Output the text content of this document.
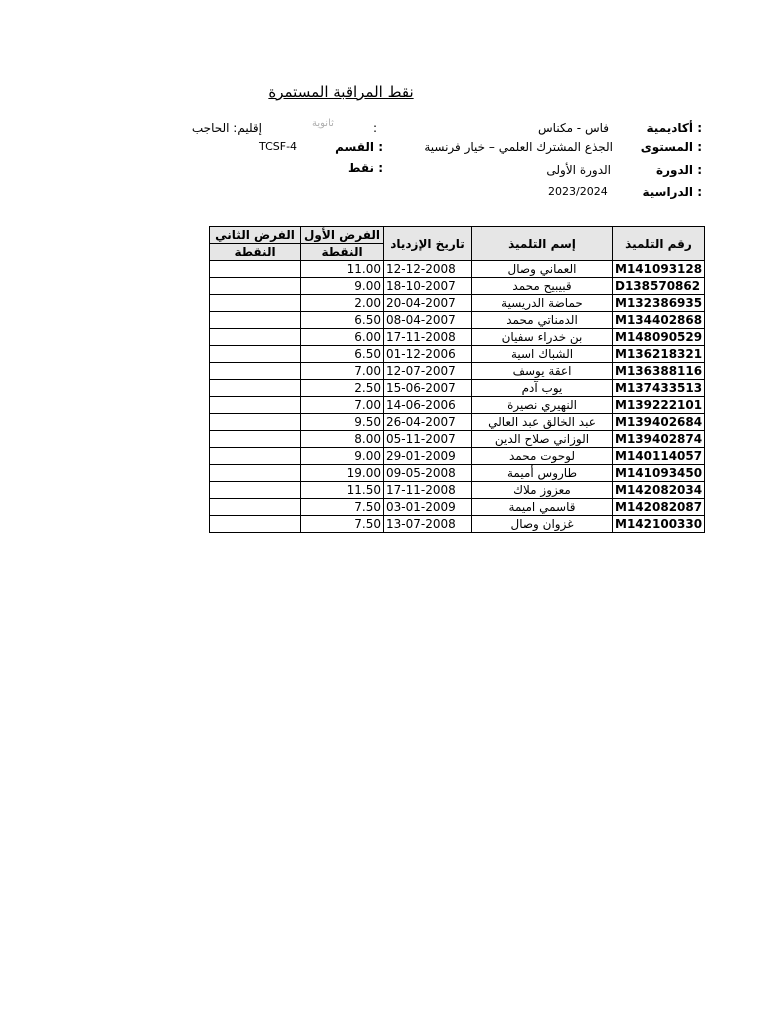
نقط المراقبة المستمرة
: أكاديمية
فاس - مكناس
:
ثانوية
إقليم: الحاجب
: المستوى
الجذع المشترك العلمي – خيار فرنسية
: القسم
TCSF-4
: الدورة
الدورة الأولى
: نقط
: الدراسية
2023/2024
الفرض الثاني	الفرض الأول	تاريخ الإزدياد	إسم التلميذ	رقم التلميذ
النقطة	النقطة			
	11.00	12-12-2008	العماني وصال	M141093128
	9.00	18-10-2007	قبيبيح محمد	D138570862
	2.00	20-04-2007	حماضة الدريسية	M132386935
	6.50	08-04-2007	الدمناتي محمد	M134402868
	6.00	17-11-2008	بن خدراء سفيان	M148090529
	6.50	01-12-2006	الشباك اسية	M136218321
	7.00	12-07-2007	اعقة يوسف	M136388116
	2.50	15-06-2007	يوب آدم	M137433513
	7.00	14-06-2006	النهيري نصيرة	M139222101
	9.50	26-04-2007	عبد الخالق عبد العالي	M139402684
	8.00	05-11-2007	الوزاني صلاح الدين	M139402874
	9.00	29-01-2009	لوحوت محمد	M140114057
	19.00	09-05-2008	طاروس أميمة	M141093450
	11.50	17-11-2008	معزوز ملاك	M142082034
	7.50	03-01-2009	قاسمي اميمة	M142082087
	7.50	13-07-2008	غزوان وصال	M142100330
